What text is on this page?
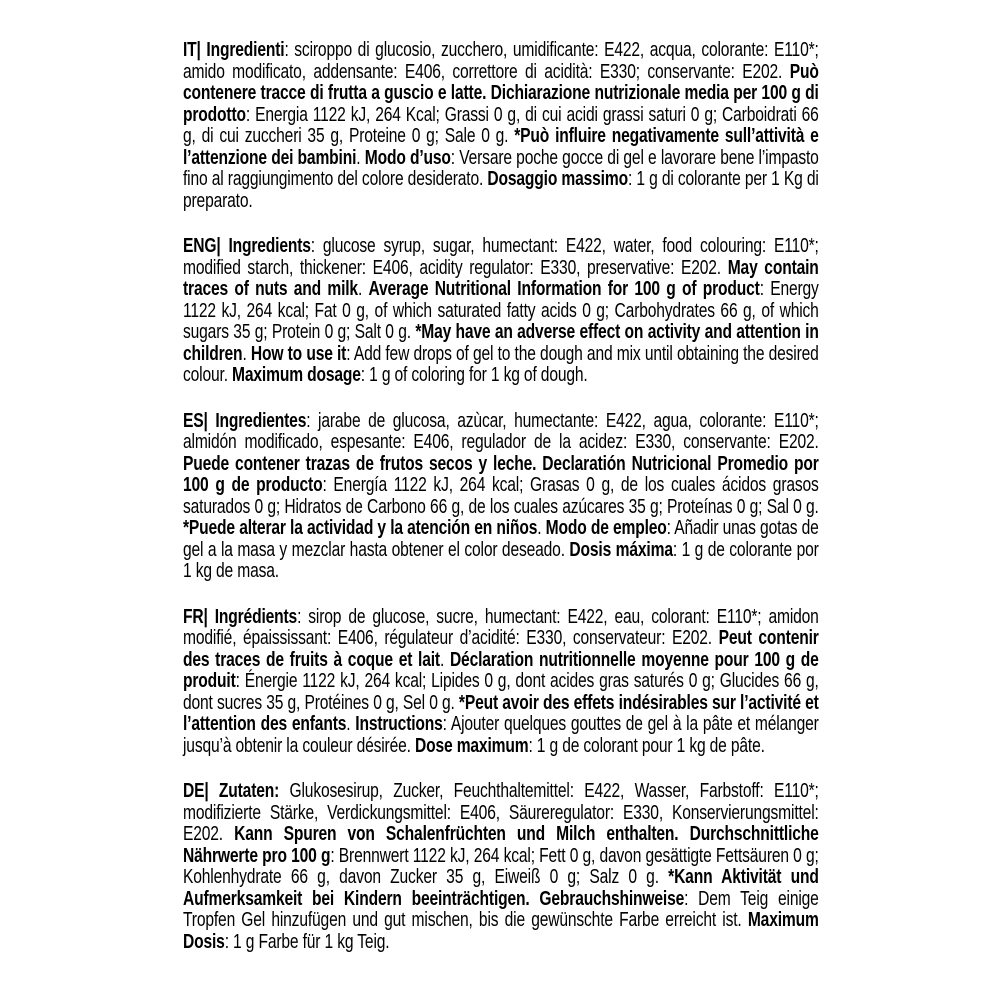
IT| Ingredienti: sciroppo di glucosio, zucchero, umidificante: E422, acqua, colorante: E110*; amido modificato, addensante: E406, correttore di acidità: E330; conservante: E202. Può contenere tracce di frutta a guscio e latte. Dichiarazione nutrizionale media per 100 g di prodotto: Energia 1122 kJ, 264 Kcal; Grassi 0 g, di cui acidi grassi saturi 0 g; Carboidrati 66 g, di cui zuccheri 35 g, Proteine 0 g; Sale 0 g. *Può influire negativamente sull’attività e l’attenzione dei bambini. Modo d’uso: Versare poche gocce di gel e lavorare bene l’impasto fino al raggiungimento del colore desiderato. Dosaggio massimo: 1 g di colorante per 1 Kg di preparato.

ENG| Ingredients: glucose syrup, sugar, humectant: E422, water, food colouring: E110*; modified starch, thickener: E406, acidity regulator: E330, preservative: E202. May contain traces of nuts and milk. Average Nutritional Information for 100 g of product: Energy 1122 kJ, 264 kcal; Fat 0 g, of which saturated fatty acids 0 g; Carbohydrates 66 g, of which sugars 35 g; Protein 0 g; Salt 0 g. *May have an adverse effect on activity and attention in children. How to use it: Add few drops of gel to the dough and mix until obtaining the desired colour. Maximum dosage: 1 g of coloring for 1 kg of dough.

ES| Ingredientes: jarabe de glucosa, azùcar, humectante: E422, agua, colorante: E110*; almidón modificado, espesante: E406, regulador de la acidez: E330, conservante: E202. Puede contener trazas de frutos secos y leche. Declaratión Nutricional Promedio por 100 g de producto: Energía 1122 kJ, 264 kcal; Grasas 0 g, de los cuales ácidos grasos saturados 0 g; Hidratos de Carbono 66 g, de los cuales azúcares 35 g; Proteínas 0 g; Sal 0 g. *Puede alterar la actividad y la atención en niños. Modo de empleo: Añadir unas gotas de gel a la masa y mezclar hasta obtener el color deseado. Dosis máxima: 1 g de colorante por 1 kg de masa.

FR| Ingrédients: sirop de glucose, sucre, humectant: E422, eau, colorant: E110*; amidon modifié, épaississant: E406, régulateur d’acidité: E330, conservateur: E202. Peut contenir des traces de fruits à coque et lait. Déclaration nutritionnelle moyenne pour 100 g de produit: Énergie 1122 kJ, 264 kcal; Lipides 0 g, dont acides gras saturés 0 g; Glucides 66 g, dont sucres 35 g, Protéines 0 g, Sel 0 g. *Peut avoir des effets indésirables sur l’activité et l’attention des enfants. Instructions: Ajouter quelques gouttes de gel à la pâte et mélanger jusqu’à obtenir la couleur désirée. Dose maximum: 1 g de colorant pour 1 kg de pâte.

DE| Zutaten: Glukosesirup, Zucker, Feuchthaltemittel: E422, Wasser, Farbstoff: E110*; modifizierte Stärke, Verdickungsmittel: E406, Säureregulator: E330, Konservierungsmittel: E202. Kann Spuren von Schalenfrüchten und Milch enthalten. Durchschnittliche Nährwerte pro 100 g: Brennwert 1122 kJ, 264 kcal; Fett 0 g, davon gesättigte Fettsäuren 0 g; Kohlenhydrate 66 g, davon Zucker 35 g, Eiweiß 0 g; Salz 0 g. *Kann Aktivität und Aufmerksamkeit bei Kindern beeinträchtigen. Gebrauchshinweise: Dem Teig einige Tropfen Gel hinzufügen und gut mischen, bis die gewünschte Farbe erreicht ist. Maximum Dosis: 1 g Farbe für 1 kg Teig.
